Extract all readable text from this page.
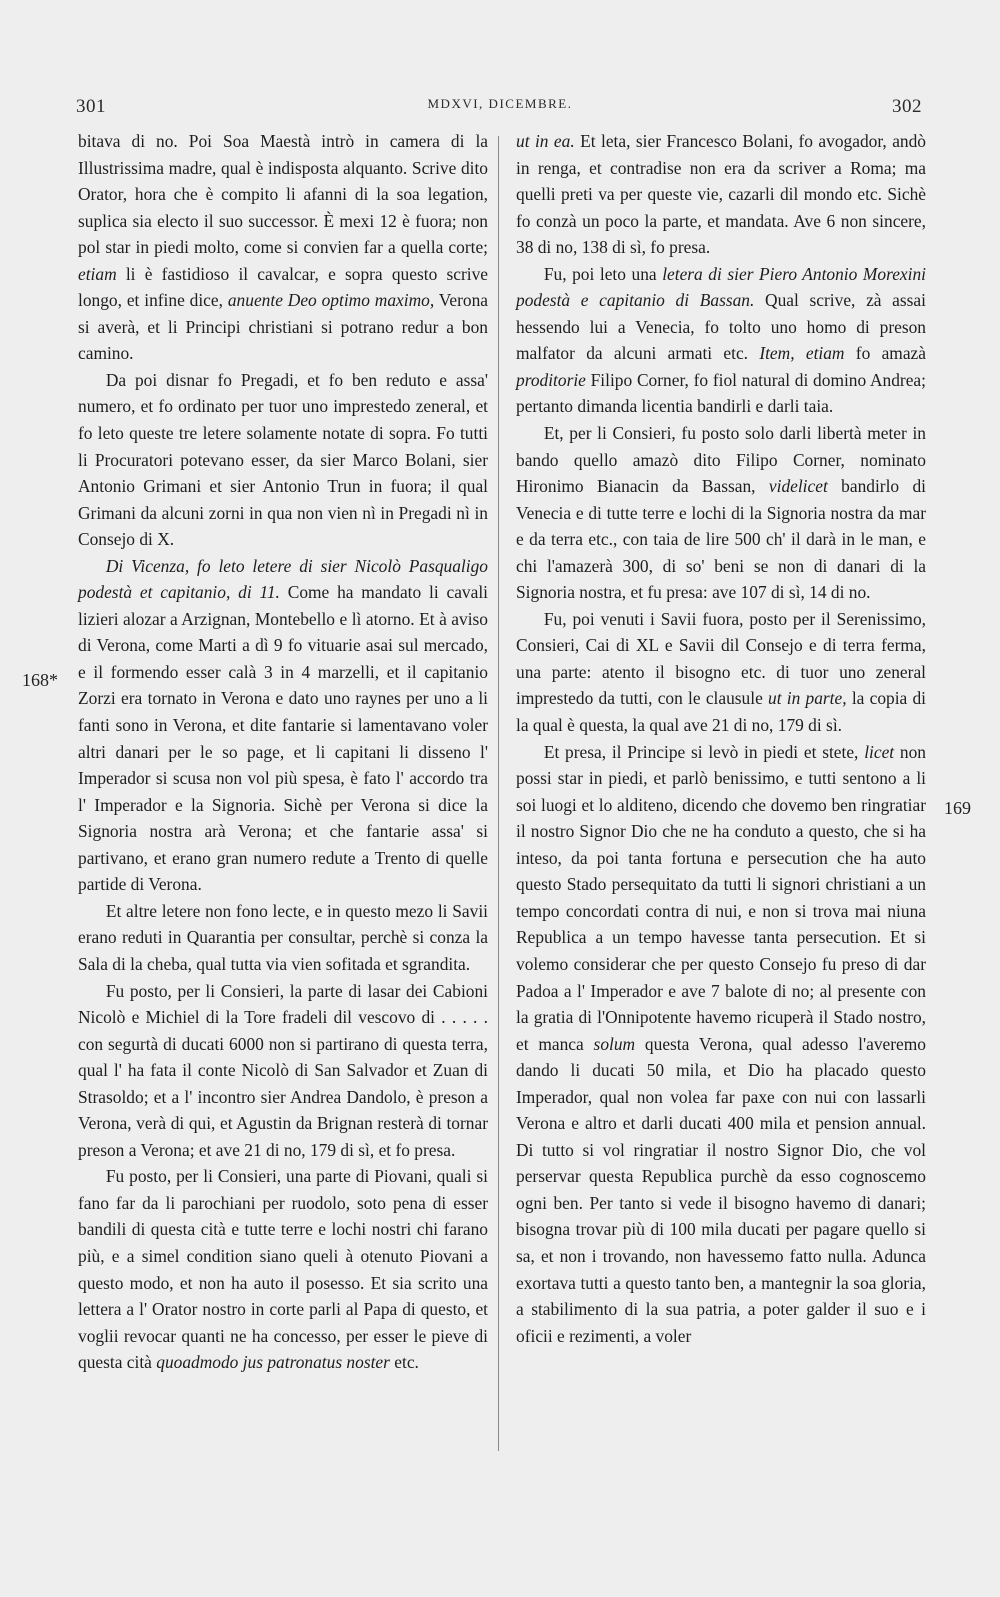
301	MDXVI, DICEMBRE.	302
168*
169

bitava di no. Poi Soa Maestà intrò in camera di la Illustrissima madre, qual è indisposta alquanto. Scrive dito Orator, hora che è compito li afanni di la soa legation, suplica sia electo il suo successor. È mexi 12 è fuora; non pol star in piedi molto, come si convien far a quella corte; etiam li è fastidioso il cavalcar, e sopra questo scrive longo, et infine dice, anuente Deo optimo maximo, Verona si averà, et li Principi christiani si potrano redur a bon camino.

Da poi disnar fo Pregadi, et fo ben reduto e assa' numero, et fo ordinato per tuor uno imprestedo zeneral, et fo leto queste tre letere solamente notate di sopra. Fo tutti li Procuratori potevano esser, da sier Marco Bolani, sier Antonio Grimani et sier Antonio Trun in fuora; il qual Grimani da alcuni zorni in qua non vien nì in Pregadi nì in Consejo di X.

Di Vicenza, fo leto letere di sier Nicolò Pasqualigo podestà et capitanio, di 11. Come ha mandato li cavali lizieri alozar a Arzignan, Montebello e lì atorno. Et à aviso di Verona, come Marti a dì 9 fo vituarie asai sul mercado, e il formendo esser calà 3 in 4 marzelli, et il capitanio Zorzi era tornato in Verona e dato uno raynes per uno a li fanti sono in Verona, et dite fantarie si lamentavano voler altri danari per le so page, et li capitani li disseno l' Imperador si scusa non vol più spesa, è fato l' accordo tra l' Imperador e la Signoria. Sichè per Verona si dice la Signoria nostra arà Verona; et che fantarie assa' si partivano, et erano gran numero redute a Trento di quelle partide di Verona.

Et altre letere non fono lecte, e in questo mezo li Savii erano reduti in Quarantia per consultar, perchè si conza la Sala di la cheba, qual tutta via vien sofitada et sgrandita.

Fu posto, per li Consieri, la parte di lasar dei Cabioni Nicolò e Michiel di la Tore fradeli dil vescovo di . . . . . con segurtà di ducati 6000 non si partirano di questa terra, qual l' ha fata il conte Nicolò di San Salvador et Zuan di Strasoldo; et a l' incontro sier Andrea Dandolo, è preson a Verona, verà di qui, et Agustin da Brignan resterà di tornar preson a Verona; et ave 21 di no, 179 di sì, et fo presa.

Fu posto, per li Consieri, una parte di Piovani, quali si fano far da li parochiani per ruodolo, soto pena di esser bandili di questa cità e tutte terre e lochi nostri chi farano più, e a simel condition siano queli à otenuto Piovani a questo modo, et non ha auto il posesso. Et sia scrito una lettera a l' Orator nostro in corte parli al Papa di questo, et voglii revocar quanti ne ha concesso, per esser le pieve di questa cità quoadmodo jus patronatus noster etc.

ut in ea. Et leta, sier Francesco Bolani, fo avogador, andò in renga, et contradise non era da scriver a Roma; ma quelli preti va per queste vie, cazarli dil mondo etc. Sichè fo conzà un poco la parte, et mandata. Ave 6 non sincere, 38 di no, 138 di sì, fo presa.

Fu, poi leto una letera di sier Piero Antonio Morexini podestà e capitanio di Bassan. Qual scrive, zà assai hessendo lui a Venecia, fo tolto uno homo di preson malfator da alcuni armati etc. Item, etiam fo amazà proditorie Filipo Corner, fo fiol natural di domino Andrea; pertanto dimanda licentia bandirli e darli taia.

Et, per li Consieri, fu posto solo darli libertà meter in bando quello amazò dito Filipo Corner, nominato Hironimo Bianacin da Bassan, videlicet bandirlo di Venecia e di tutte terre e lochi di la Signoria nostra da mar e da terra etc., con taia de lire 500 ch' il darà in le man, e chi l'amazerà 300, di so' beni se non di danari di la Signoria nostra, et fu presa: ave 107 di sì, 14 di no.

Fu, poi venuti i Savii fuora, posto per il Serenissimo, Consieri, Cai di XL e Savii dil Consejo e di terra ferma, una parte: atento il bisogno etc. di tuor uno zeneral imprestedo da tutti, con le clausule ut in parte, la copia di la qual è questa, la qual ave 21 di no, 179 di sì.

Et presa, il Principe si levò in piedi et stete, licet non possi star in piedi, et parlò benissimo, e tutti sentono a li soi luogi et lo alditeno, dicendo che dovemo ben ringratiar il nostro Signor Dio che ne ha conduto a questo, che si ha inteso, da poi tanta fortuna e persecution che ha auto questo Stado persequitato da tutti li signori christiani a un tempo concordati contra di nui, e non si trova mai niuna Republica a un tempo havesse tanta persecution. Et si volemo considerar che per questo Consejo fu preso di dar Padoa a l' Imperador e ave 7 balote di no; al presente con la gratia di l'Onnipotente havemo ricuperà il Stado nostro, et manca solum questa Verona, qual adesso l'averemo dando li ducati 50 mila, et Dio ha placado questo Imperador, qual non volea far paxe con nui con lassarli Verona e altro et darli ducati 400 mila et pension annual. Di tutto si vol ringratiar il nostro Signor Dio, che vol perservar questa Republica purchè da esso cognoscemo ogni ben. Per tanto si vede il bisogno havemo di danari; bisogna trovar più di 100 mila ducati per pagare quello si sa, et non i trovando, non havessemo fatto nulla. Adunca exortava tutti a questo tanto ben, a mantegnir la soa gloria, a stabilimento di la sua patria, a poter galder il suo e i oficii e rezimenti, a voler
